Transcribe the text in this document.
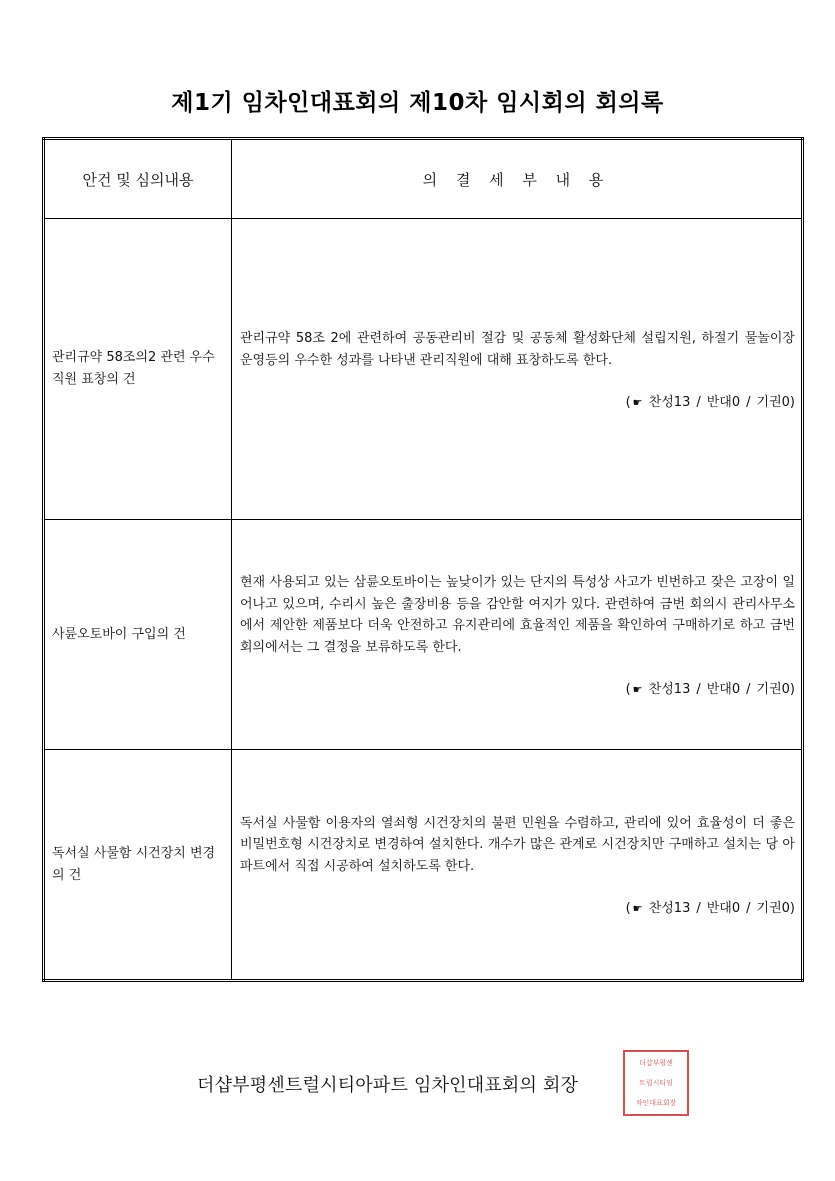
제1기 임차인대표회의 제10차 임시회의 회의록
안건 및 심의내용	의 결 세 부 내 용
관리규약 58조의2 관련 우수직원 표창의 건	관리규약 58조 2에 관련하여 공동관리비 절감 및 공동체 활성화단체 설립지원, 하절기 물놀이장 운영등의 우수한 성과를 나타낸 관리직원에 대해 표창하도록 한다.
( ☛ 찬성13 / 반대0 / 기권0)

사륜오토바이 구입의 건	현재 사용되고 있는 삼륜오토바이는 높낮이가 있는 단지의 특성상 사고가 빈번하고 잦은 고장이 일어나고 있으며, 수리시 높은 출장비용 등을 감안할 여지가 있다. 관련하여 금번 회의시 관리사무소에서 제안한 제품보다 더욱 안전하고 유지관리에 효율적인 제품을 확인하여 구매하기로 하고 금번 회의에서는 그 결정을 보류하도록 한다.
( ☛ 찬성13 / 반대0 / 기권0)

독서실 사물함 시건장치 변경의 건	독서실 사물함 이용자의 열쇠형 시건장치의 불편 민원을 수렴하고, 관리에 있어 효율성이 더 좋은 비밀번호형 시건장치로 변경하여 설치한다. 개수가 많은 관계로 시건장치만 구매하고 설치는 당 아파트에서 직접 시공하여 설치하도록 한다.
( ☛ 찬성13 / 반대0 / 기권0)
더샵부평센트럴시티아파트 임차인대표회의 회장
더샵부평센
트럴시티임
차인대표회장
